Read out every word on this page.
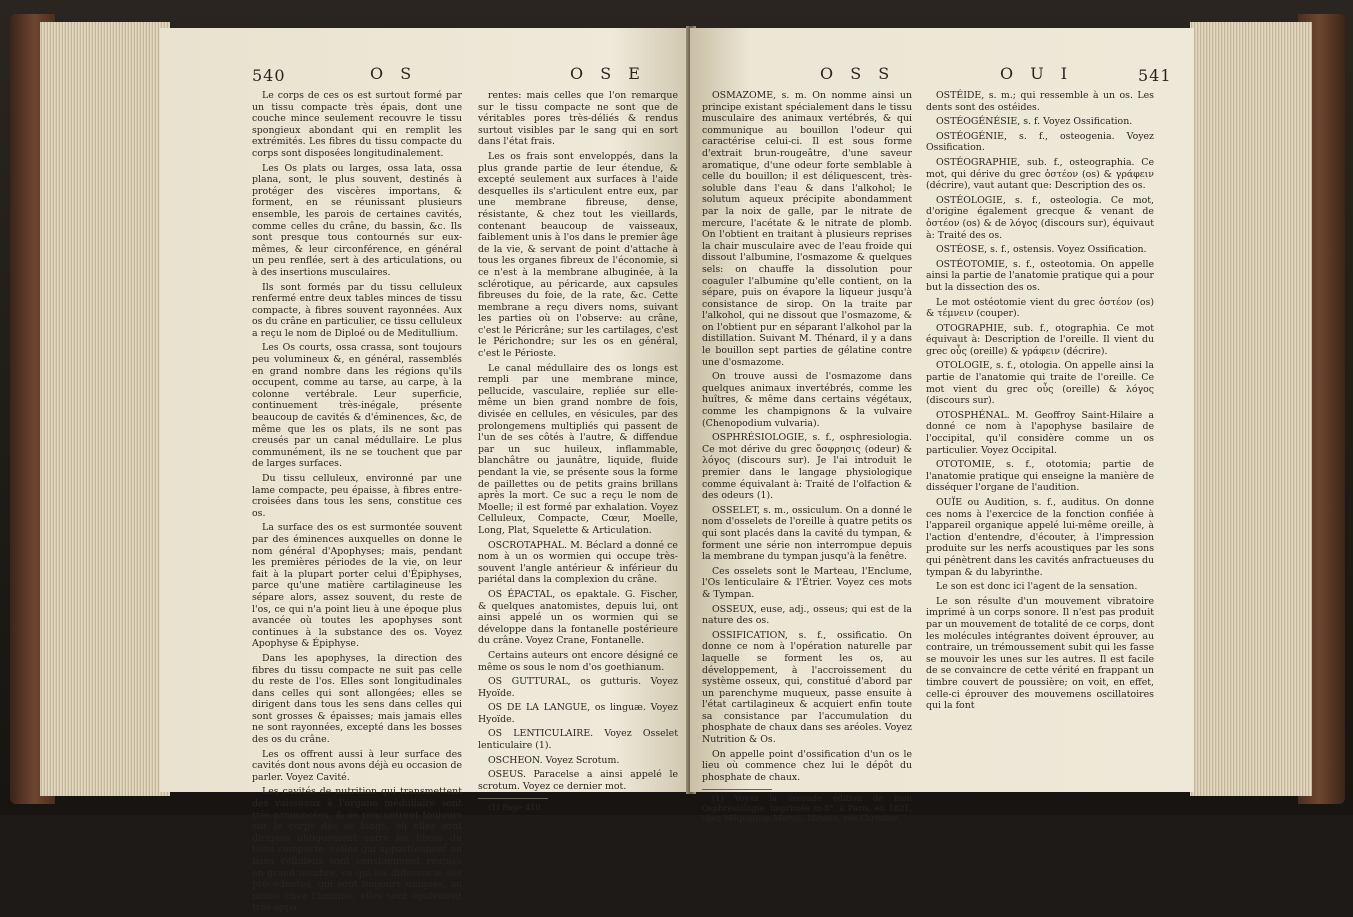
540	O S	O S E

Le corps de ces os est surtout formé par un tissu compacte très épais, dont une couche mince seulement recouvre le tissu spongieux abondant qui en remplit les extrémités. Les fibres du tissu compacte du corps sont disposées longitudinalement.

Les Os plats ou larges, ossa lata, ossa plana, sont, le plus souvent, destinés à protéger des viscères importans, & forment, en se réunissant plusieurs ensemble, les parois de certaines cavités, comme celles du crâne, du bassin, &c. Ils sont presque tous contournés sur eux-mêmes, & leur circonférence, en général un peu renflée, sert à des articulations, ou à des insertions musculaires.

Ils sont formés par du tissu celluleux renfermé entre deux tables minces de tissu compacte, à fibres souvent rayonnées. Aux os du crâne en particulier, ce tissu celluleux a reçu le nom de Diploé ou de Meditullium.

Les Os courts, ossa crassa, sont toujours peu volumineux &, en général, rassemblés en grand nombre dans les régions qu'ils occupent, comme au tarse, au carpe, à la colonne vertébrale. Leur superficie, continuement très-inégale, présente beaucoup de cavités & d'éminences, &c, de même que les os plats, ils ne sont pas creusés par un canal médullaire. Le plus communément, ils ne se touchent que par de larges surfaces.

Du tissu celluleux, environné par une lame compacte, peu épaisse, à fibres entre-croisées dans tous les sens, constitue ces os.

La surface des os est surmontée souvent par des éminences auxquelles on donne le nom général d'Apophyses; mais, pendant les premières périodes de la vie, on leur fait à la plupart porter celui d'Épiphyses, parce qu'une matière cartilagineuse les sépare alors, assez souvent, du reste de l'os, ce qui n'a point lieu à une époque plus avancée où toutes les apophyses sont continues à la substance des os. Voyez Apophyse & Épiphyse.

Dans les apophyses, la direction des fibres du tissu compacte ne suit pas celle du reste de l'os. Elles sont longitudinales dans celles qui sont allongées; elles se dirigent dans tous les sens dans celles qui sont grosses & épaisses; mais jamais elles ne sont rayonnées, excepté dans les bosses des os du crâne.

Les os offrent aussi à leur surface des cavités dont nous avons déjà eu occasion de parler. Voyez Cavité.

Les cavités de nutrition qui transmettent des vaisseaux à l'organe médullaire sont très-prononcées, & se rencontrent toujours sur le corps des os longs, où elles sont dirigées obliquement entre les fibres du tissu compacte; celles qui appartiennent au tissu celluleux sont constamment réunies en grand nombre, ce qui les différencie des précédentes, qui sont toujours uniques, au moins chez l'homme; elles sont également très-appa-

rentes: mais celles que l'on remarque sur le tissu compacte ne sont que de véritables pores très-déliés & rendus surtout visibles par le sang qui en sort dans l'état frais.

Les os frais sont enveloppés, dans la plus grande partie de leur étendue, & excepté seulement aux surfaces à l'aide desquelles ils s'articulent entre eux, par une membrane fibreuse, dense, résistante, & chez tout les vieillards, contenant beaucoup de vaisseaux, faiblement unis à l'os dans le premier âge de la vie, & servant de point d'attache à tous les organes fibreux de l'économie, si ce n'est à la membrane albuginée, à la sclérotique, au péricarde, aux capsules fibreuses du foie, de la rate, &c. Cette membrane a reçu divers noms, suivant les parties où on l'observe: au crâne, c'est le Péricrâne; sur les cartilages, c'est le Périchondre; sur les os en général, c'est le Périoste.

Le canal médullaire des os longs est rempli par une membrane mince, pellucide, vasculaire, repliée sur elle-même un bien grand nombre de fois, divisée en cellules, en vésicules, par des prolongemens multipliés qui passent de l'un de ses côtés à l'autre, & diffendue par un suc huileux, inflammable, blanchâtre ou jaunâtre, liquide, fluide pendant la vie, se présente sous la forme de paillettes ou de petits grains brillans après la mort. Ce suc a reçu le nom de Moelle; il est formé par exhalation. Voyez Celluleux, Compacte, Cœur, Moelle, Long, Plat, Squelette & Articulation.

OSCROTAPHAL. M. Béclard a donné ce nom à un os wormien qui occupe très-souvent l'angle antérieur & inférieur du pariétal dans la complexion du crâne.

OS ÉPACTAL, os epaktale. G. Fischer, & quelques anatomistes, depuis lui, ont ainsi appelé un os wormien qui se développe dans la fontanelle postérieure du crâne. Voyez Crane, Fontanelle.

Certains auteurs ont encore désigné ce même os sous le nom d'os goethianum.

OS GUTTURAL, os gutturis. Voyez Hyoïde.

OS DE LA LANGUE, os linguæ. Voyez Hyoïde.

OS LENTICULAIRE. Voyez Osselet lenticulaire (1).

OSCHEON. Voyez Scrotum.

OSEUS. Paracelse a ainsi appelé le scrotum. Voyez ce dernier mot.

(1) Page 410.

O S S	O U I	541

OSMAZOME, s. m. On nomme ainsi un principe existant spécialement dans le tissu musculaire des animaux vertébrés, & qui communique au bouillon l'odeur qui caractérise celui-ci. Il est sous forme d'extrait brun-rougeâtre, d'une saveur aromatique, d'une odeur forte semblable à celle du bouillon; il est déliquescent, très-soluble dans l'eau & dans l'alkohol; le solutum aqueux précipite abondamment par la noix de galle, par le nitrate de mercure, l'acétate & le nitrate de plomb. On l'obtient en traitant à plusieurs reprises la chair musculaire avec de l'eau froide qui dissout l'albumine, l'osmazome & quelques sels: on chauffe la dissolution pour coaguler l'albumine qu'elle contient, on la sépare, puis on évapore la liqueur jusqu'à consistance de sirop. On la traite par l'alkohol, qui ne dissout que l'osmazome, & on l'obtient pur en séparant l'alkohol par la distillation. Suivant M. Thénard, il y a dans le bouillon sept parties de gélatine contre une d'osmazome.

On trouve aussi de l'osmazome dans quelques animaux invertébrés, comme les huîtres, & même dans certains végétaux, comme les champignons & la vulvaire (Chenopodium vulvaria).

OSPHRÉSIOLOGIE, s. f., osphresiologia. Ce mot dérive du grec ὄσφρησις (odeur) & λόγος (discours sur). Je l'ai introduit le premier dans le langage physiologique comme équivalant à: Traité de l'olfaction & des odeurs (1).

OSSELET, s. m., ossiculum. On a donné le nom d'osselets de l'oreille à quatre petits os qui sont placés dans la cavité du tympan, & forment une série non interrompue depuis la membrane du tympan jusqu'à la fenêtre.

Ces osselets sont le Marteau, l'Enclume, l'Os lenticulaire & l'Étrier. Voyez ces mots & Tympan.

OSSEUX, euse, adj., osseus; qui est de la nature des os.

OSSIFICATION, s. f., ossificatio. On donne ce nom à l'opération naturelle par laquelle se forment les os, au développement, à l'accroissement du système osseux, qui, constitué d'abord par un parenchyme muqueux, passe ensuite à l'état cartilagineux & acquiert enfin toute sa consistance par l'accumulation du phosphate de chaux dans ses aréoles. Voyez Nutrition & Os.

On appelle point d'ossification d'un os le lieu où commence chez lui le dépôt du phosphate de chaux.

(1) Voyez la seconde édition de mon Osphrésiologie, imprimée in-8°, à Paris, en 1821, chez Méquignon-Marvis, libraire, rue Christine.

OSTÉIDE, s. m.; qui ressemble à un os. Les dents sont des ostéides.

OSTÉOGÉNÉSIE, s. f. Voyez Ossification.

OSTÉOGÉNIE, s. f., osteogenia. Voyez Ossification.

OSTÉOGRAPHIE, sub. f., osteographia. Ce mot, qui dérive du grec ὀστέον (os) & γράφειν (décrire), vaut autant que: Description des os.

OSTÉOLOGIE, s. f., osteologia. Ce mot, d'origine également grecque & venant de ὀστέον (os) & de λόγος (discours sur), équivaut à: Traité des os.

OSTÉOSE, s. f., ostensis. Voyez Ossification.

OSTÉOTOMIE, s. f., osteotomia. On appelle ainsi la partie de l'anatomie pratique qui a pour but la dissection des os.

Le mot ostéotomie vient du grec ὀστέον (os) & τέμνειν (couper).

OTOGRAPHIE, sub. f., otographia. Ce mot équivaut à: Description de l'oreille. Il vient du grec οὖς (oreille) & γράφειν (décrire).

OTOLOGIE, s. f., otologia. On appelle ainsi la partie de l'anatomie qui traite de l'oreille. Ce mot vient du grec οὖς (oreille) & λόγος (discours sur).

OTOSPHÉNAL. M. Geoffroy Saint-Hilaire a donné ce nom à l'apophyse basilaire de l'occipital, qu'il considère comme un os particulier. Voyez Occipital.

OTOTOMIE, s. f., ototomia; partie de l'anatomie pratique qui enseigne la manière de disséquer l'organe de l'audition.

OUÏE ou Audition, s. f., auditus. On donne ces noms à l'exercice de la fonction confiée à l'appareil organique appelé lui-même oreille, à l'action d'entendre, d'écouter, à l'impression produite sur les nerfs acoustiques par les sons qui pénètrent dans les cavités anfractueuses du tympan & du labyrinthe.

Le son est donc ici l'agent de la sensation.

Le son résulte d'un mouvement vibratoire imprimé à un corps sonore. Il n'est pas produit par un mouvement de totalité de ce corps, dont les molécules intégrantes doivent éprouver, au contraire, un trémoussement subit qui les fasse se mouvoir les unes sur les autres. Il est facile de se convaincre de cette vérité en frappant un timbre couvert de poussière; on voit, en effet, celle-ci éprouver des mouvemens oscillatoires qui la font
